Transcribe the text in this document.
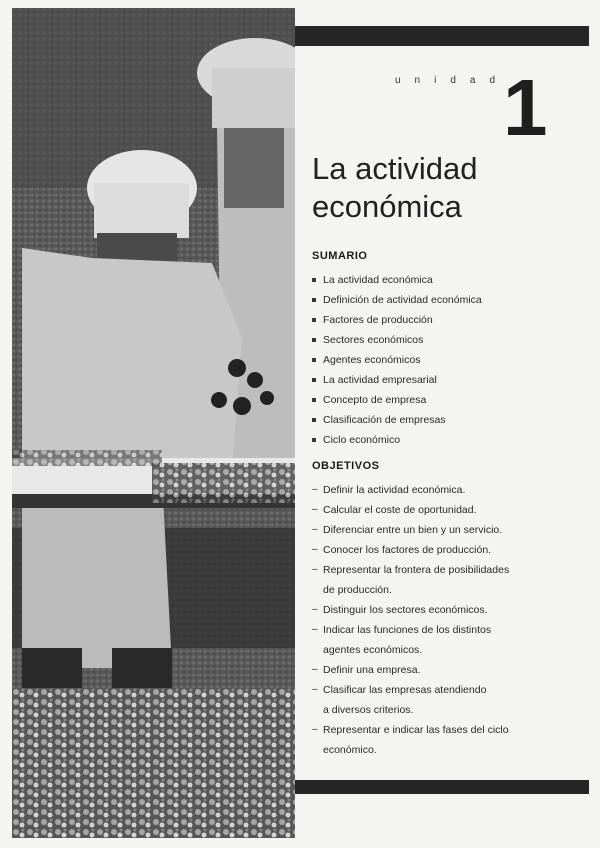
unidad
1
La actividad económica
SUMARIO
La actividad económica
Definición de actividad económica
Factores de producción
Sectores económicos
Agentes económicos
La actividad empresarial
Concepto de empresa
Clasificación de empresas
Ciclo económico
OBJETIVOS
– Definir la actividad económica.
– Calcular el coste de oportunidad.
– Diferenciar entre un bien y un servicio.
– Conocer los factores de producción.
– Representar la frontera de posibilidades
de producción.
– Distinguir los sectores económicos.
– Indicar las funciones de los distintos
agentes económicos.
– Definir una empresa.
– Clasificar las empresas atendiendo
a diversos criterios.
– Representar e indicar las fases del ciclo
económico.
